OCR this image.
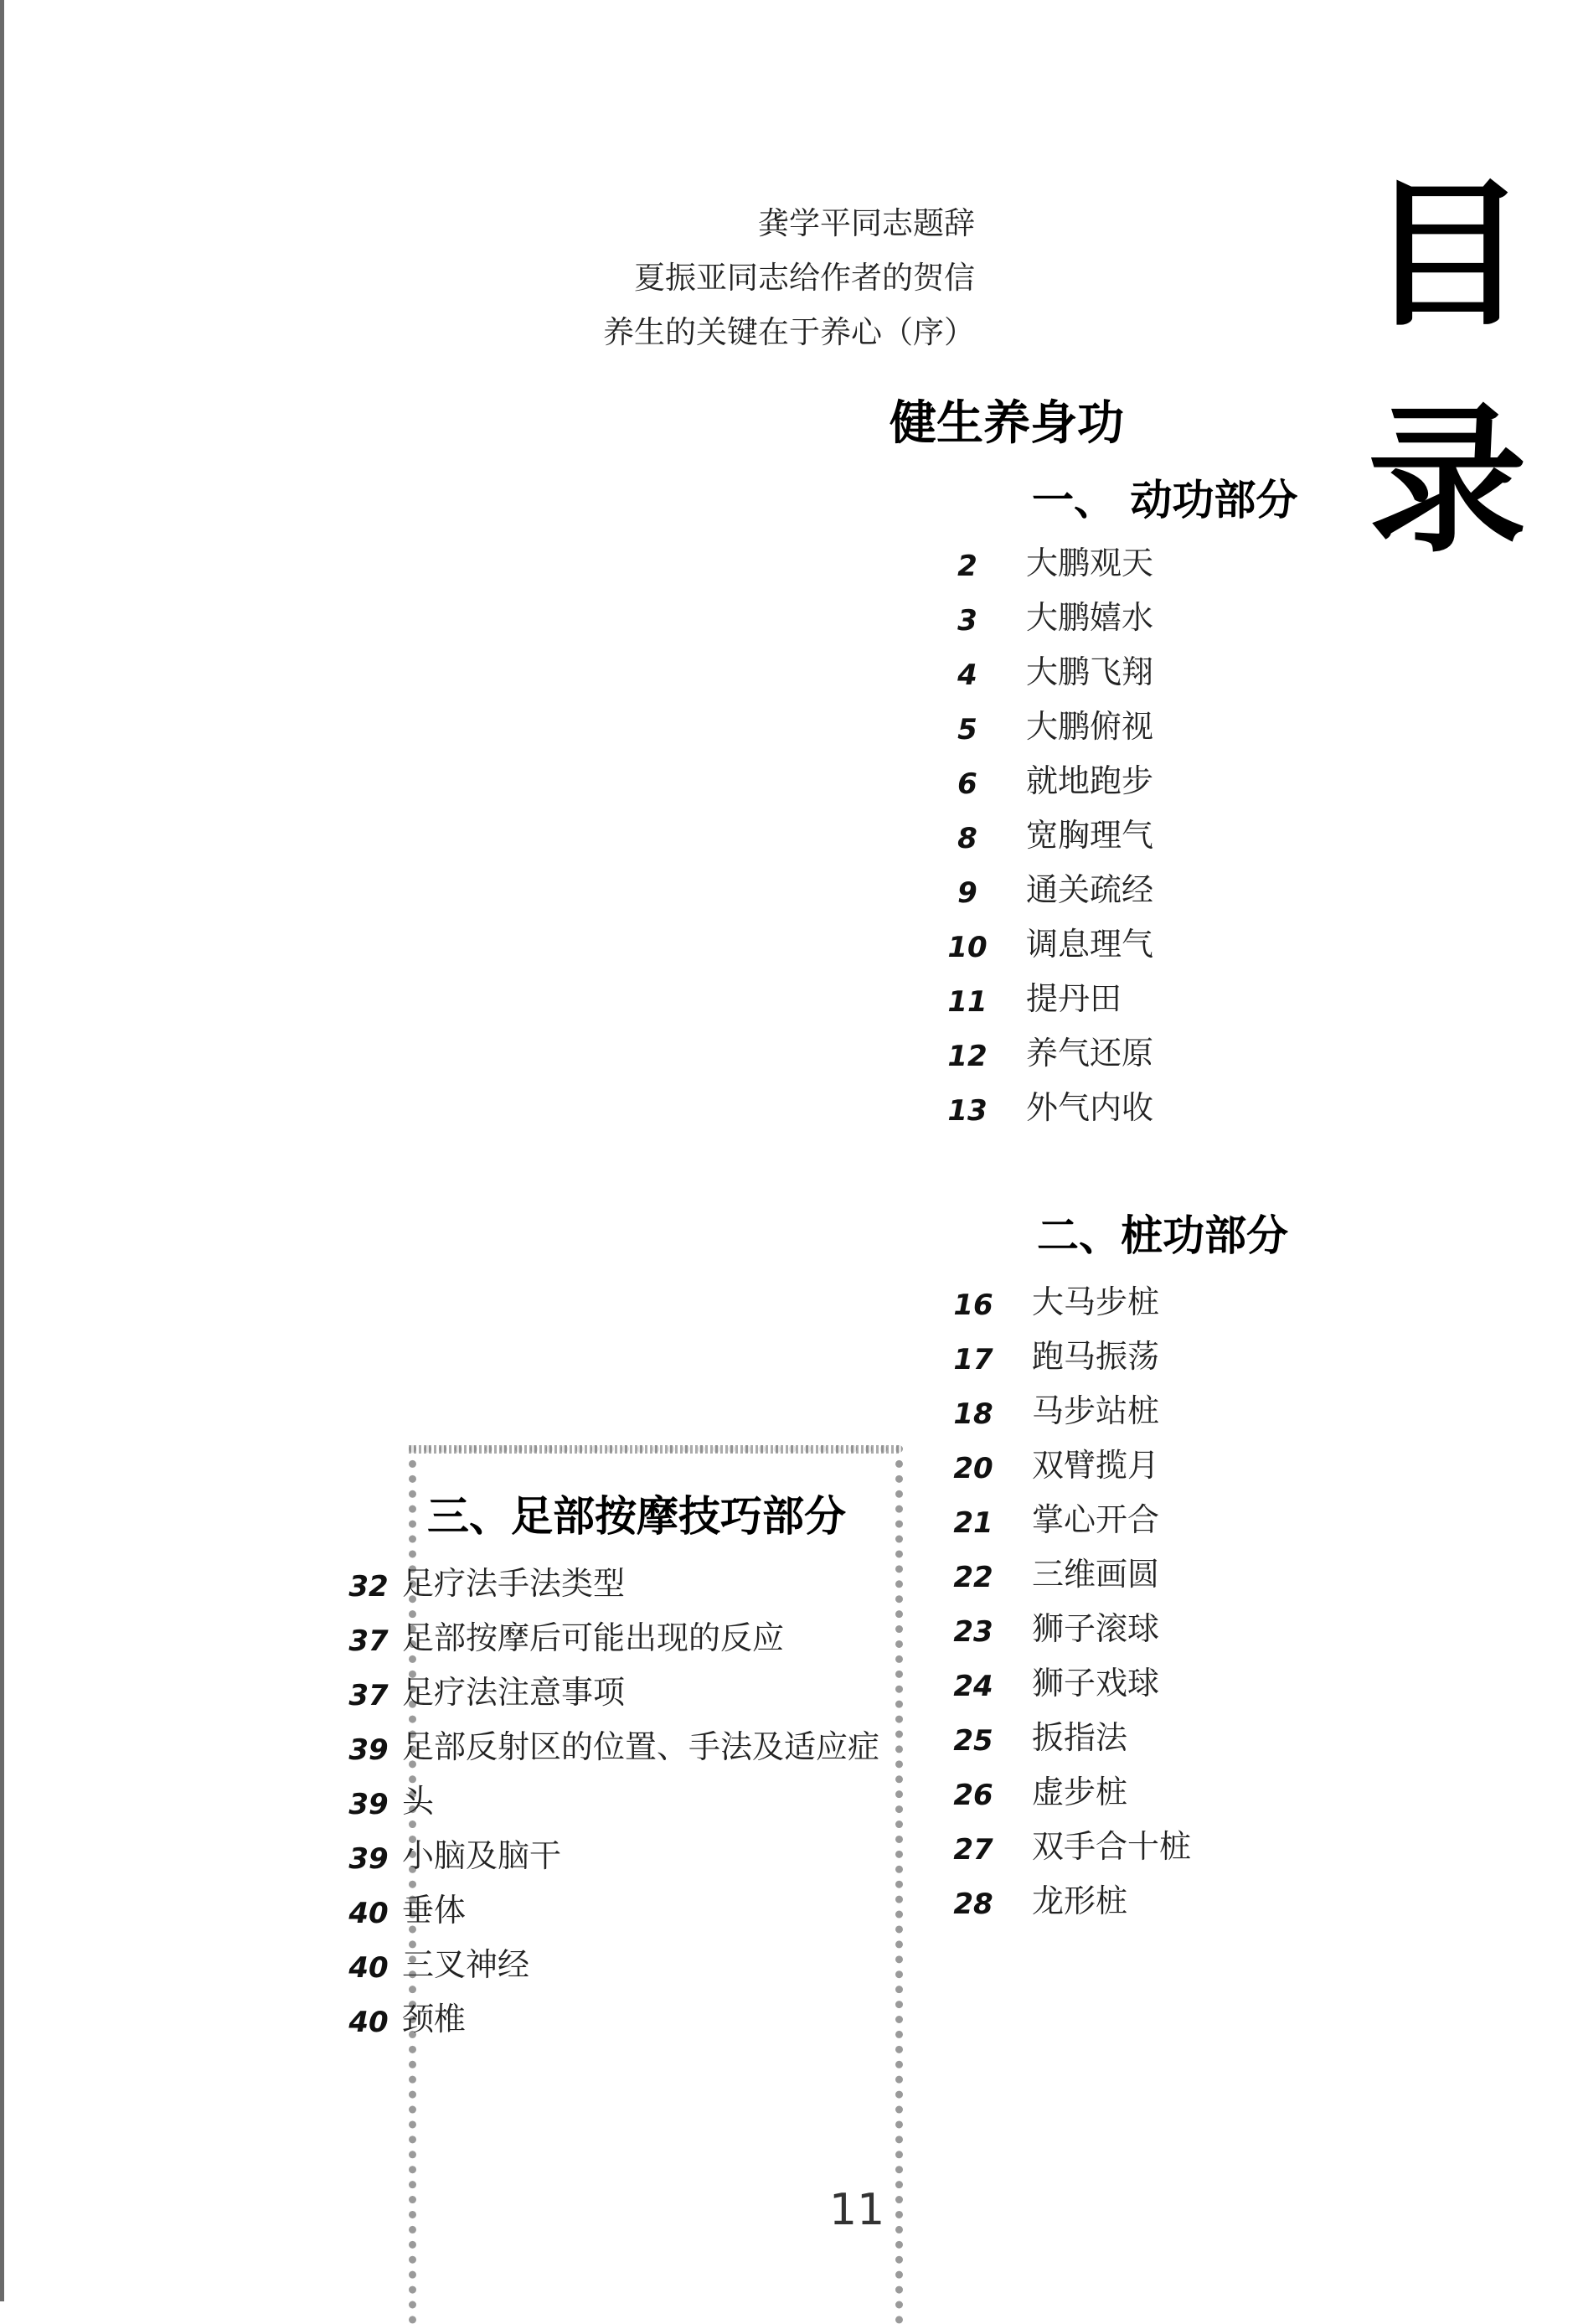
目
录
龚学平同志题辞
夏振亚同志给作者的贺信
养生的关键在于养心（序）
健生养身功
一、 动功部分
2	大鹏观天
3	大鹏嬉水
4	大鹏飞翔
5	大鹏俯视
6	就地跑步
8	宽胸理气
9	通关疏经
10 调息理气
11 提丹田
12 养气还原
13 外气内收
二、桩功部分
16 大马步桩
17 跑马振荡
18 马步站桩
20 双臂揽月
21 掌心开合
22 三维画圆
23 狮子滚球
24 狮子戏球
25 扳指法
26 虚步桩
27 双手合十桩
28 龙形桩
三、足部按摩技巧部分
32 足疗法手法类型
37 足部按摩后可能出现的反应
37 足疗法注意事项
39 足部反射区的位置、手法及适应症
39 头
39 小脑及脑干
40 垂体
40 三叉神经
40 颈椎
11
